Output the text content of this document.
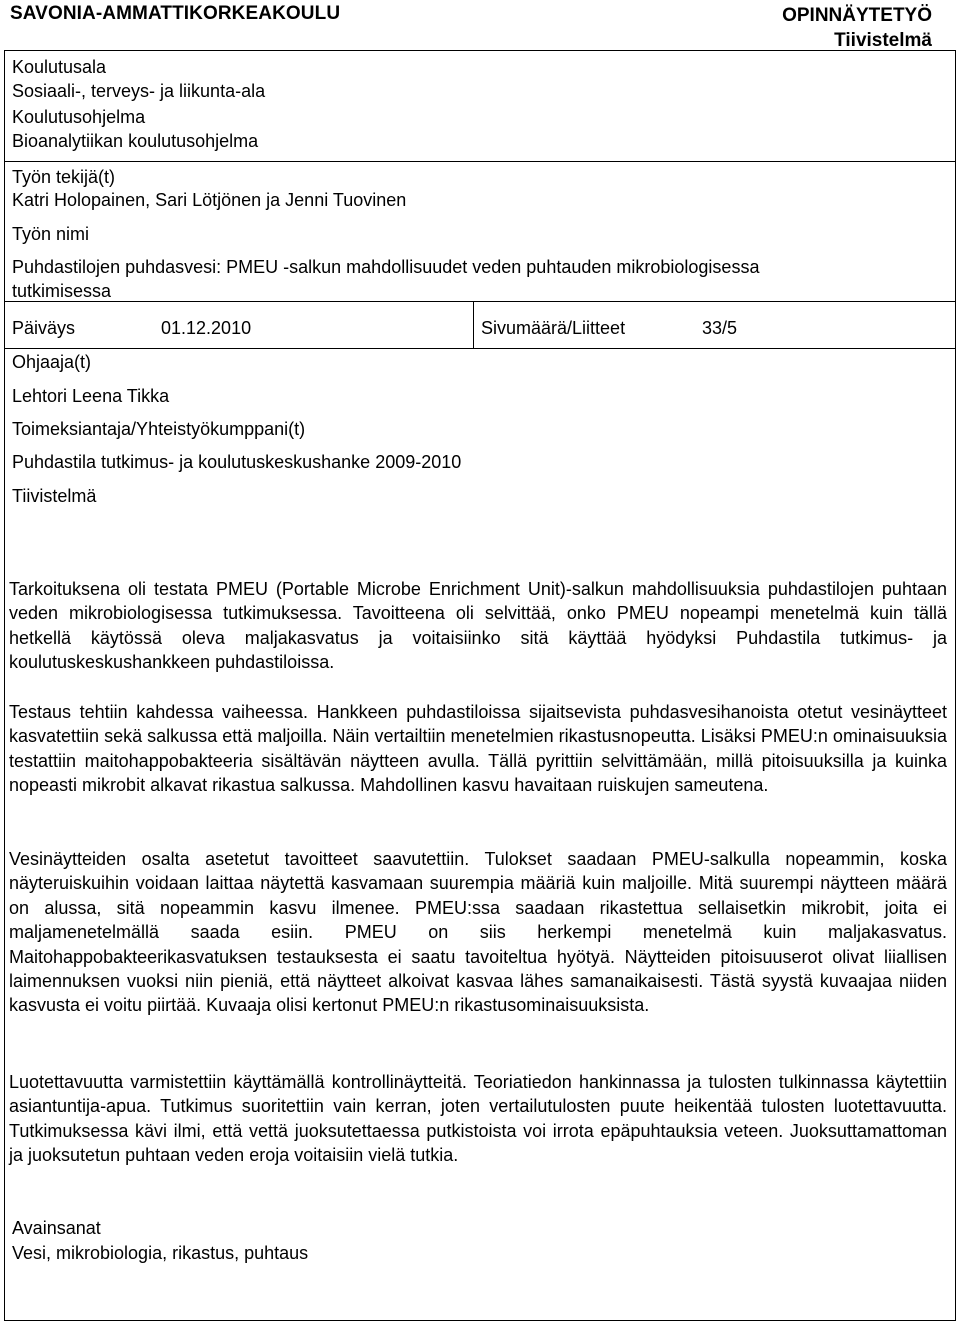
SAVONIA-AMMATTIKORKEAKOULU	OPINNÄYTETYÖ
Tiivistelmä
Koulutusala
Sosiaali-, terveys- ja liikunta-ala
Koulutusohjelma
Bioanalytiikan koulutusohjelma
Työn tekijä(t)
Katri Holopainen, Sari Lötjönen ja Jenni Tuovinen
Työn nimi
Puhdastilojen puhdasvesi: PMEU -salkun mahdollisuudet veden puhtauden mikrobiologisessa
tutkimisessa
Päiväys	01.12.2010	Sivumäärä/Liitteet	33/5
Ohjaaja(t)
Lehtori Leena Tikka
Toimeksiantaja/Yhteistyökumppani(t)
Puhdastila tutkimus- ja koulutuskeskushanke 2009-2010
Tiivistelmä

Tarkoituksena oli testata PMEU (Portable Microbe Enrichment Unit)-salkun mahdollisuuksia puhdastilojen puhtaan veden mikrobiologisessa tutkimuksessa. Tavoitteena oli selvittää, onko PMEU nopeampi menetelmä kuin tällä hetkellä käytössä oleva maljakasvatus ja voitaisiinko sitä käyttää hyödyksi Puhdastila tutkimus- ja koulutuskeskushankkeen puhdastiloissa.

Testaus tehtiin kahdessa vaiheessa. Hankkeen puhdastiloissa sijaitsevista puhdasvesihanoista otetut vesinäytteet kasvatettiin sekä salkussa että maljoilla. Näin vertailtiin menetelmien rikastusnopeutta. Lisäksi PMEU:n ominaisuuksia testattiin maitohappobakteeria sisältävän näytteen avulla. Tällä pyrittiin selvittämään, millä pitoisuuksilla ja kuinka nopeasti mikrobit alkavat rikastua salkussa. Mahdollinen kasvu havaitaan ruiskujen sameutena.

Vesinäytteiden osalta asetetut tavoitteet saavutettiin. Tulokset saadaan PMEU-salkulla nopeammin, koska näyteruiskuihin voidaan laittaa näytettä kasvamaan suurempia määriä kuin maljoille. Mitä suurempi näytteen määrä on alussa, sitä nopeammin kasvu ilmenee. PMEU:ssa saadaan rikastettua sellaisetkin mikrobit, joita ei maljamenetelmällä saada esiin. PMEU on siis herkempi menetelmä kuin maljakasvatus. Maitohappobakteerikasvatuksen testauksesta ei saatu tavoiteltua hyötyä. Näytteiden pitoisuuserot olivat liiallisen laimennuksen vuoksi niin pieniä, että näytteet alkoivat kasvaa lähes samanaikaisesti. Tästä syystä kuvaajaa niiden kasvusta ei voitu piirtää. Kuvaaja olisi kertonut PMEU:n rikastusominaisuuksista.

Luotettavuutta varmistettiin käyttämällä kontrollinäytteitä. Teoriatiedon hankinnassa ja tulosten tulkinnassa käytettiin asiantuntija-apua. Tutkimus suoritettiin vain kerran, joten vertailutulosten puute heikentää tulosten luotettavuutta. Tutkimuksessa kävi ilmi, että vettä juoksutettaessa putkistoista voi irrota epäpuhtauksia veteen. Juoksuttamattoman ja juoksutetun puhtaan veden eroja voitaisiin vielä tutkia.

Avainsanat
Vesi, mikrobiologia, rikastus, puhtaus
